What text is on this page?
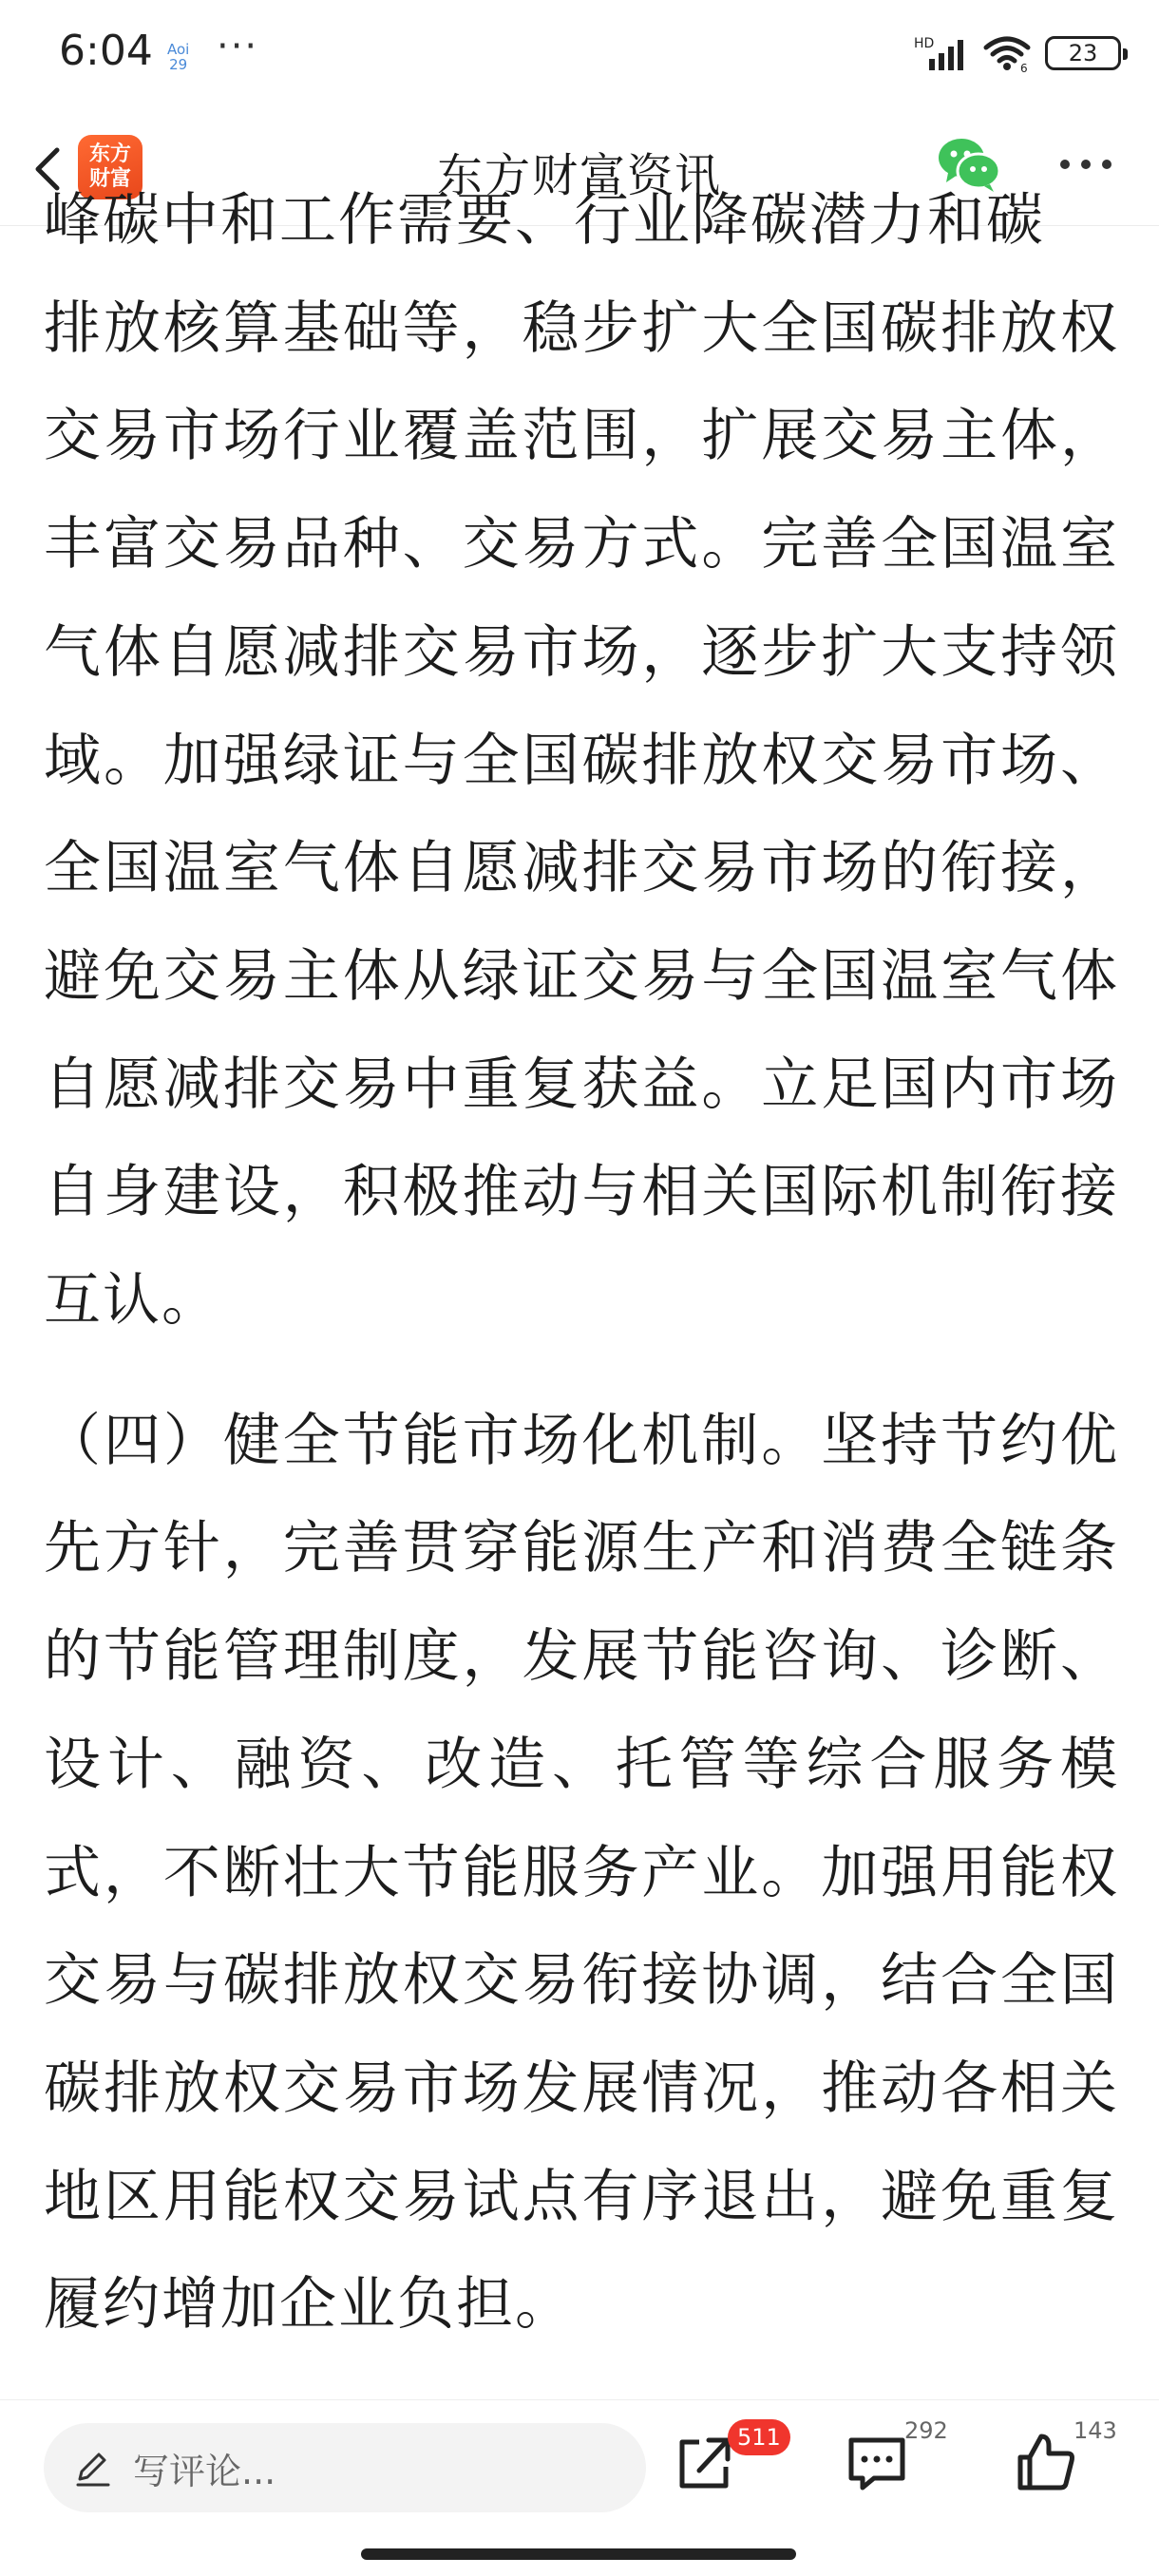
6:04 Aoi
29 ···	HD
6
23
东方
财富	东方财富资讯

峰碳中和工作需要、行业降碳潜力和碳

排放核算基础等，稳步扩大全国碳排放权交易市场行业覆盖范围，扩展交易主体，丰富交易品种、交易方式。完善全国温室气体自愿减排交易市场，逐步扩大支持领域。加强绿证与全国碳排放权交易市场、全国温室气体自愿减排交易市场的衔接，避免交易主体从绿证交易与全国温室气体自愿减排交易中重复获益。立足国内市场自身建设，积极推动与相关国际机制衔接互认。

（四）健全节能市场化机制。坚持节约优先方针，完善贯穿能源生产和消费全链条的节能管理制度，发展节能咨询、诊断、设计、融资、改造、托管等综合服务模式，不断壮大节能服务产业。加强用能权交易与碳排放权交易衔接协调，结合全国碳排放权交易市场发展情况，推动各相关地区用能权交易试点有序退出，避免重复履约增加企业负担。

写评论...
511	292	143
